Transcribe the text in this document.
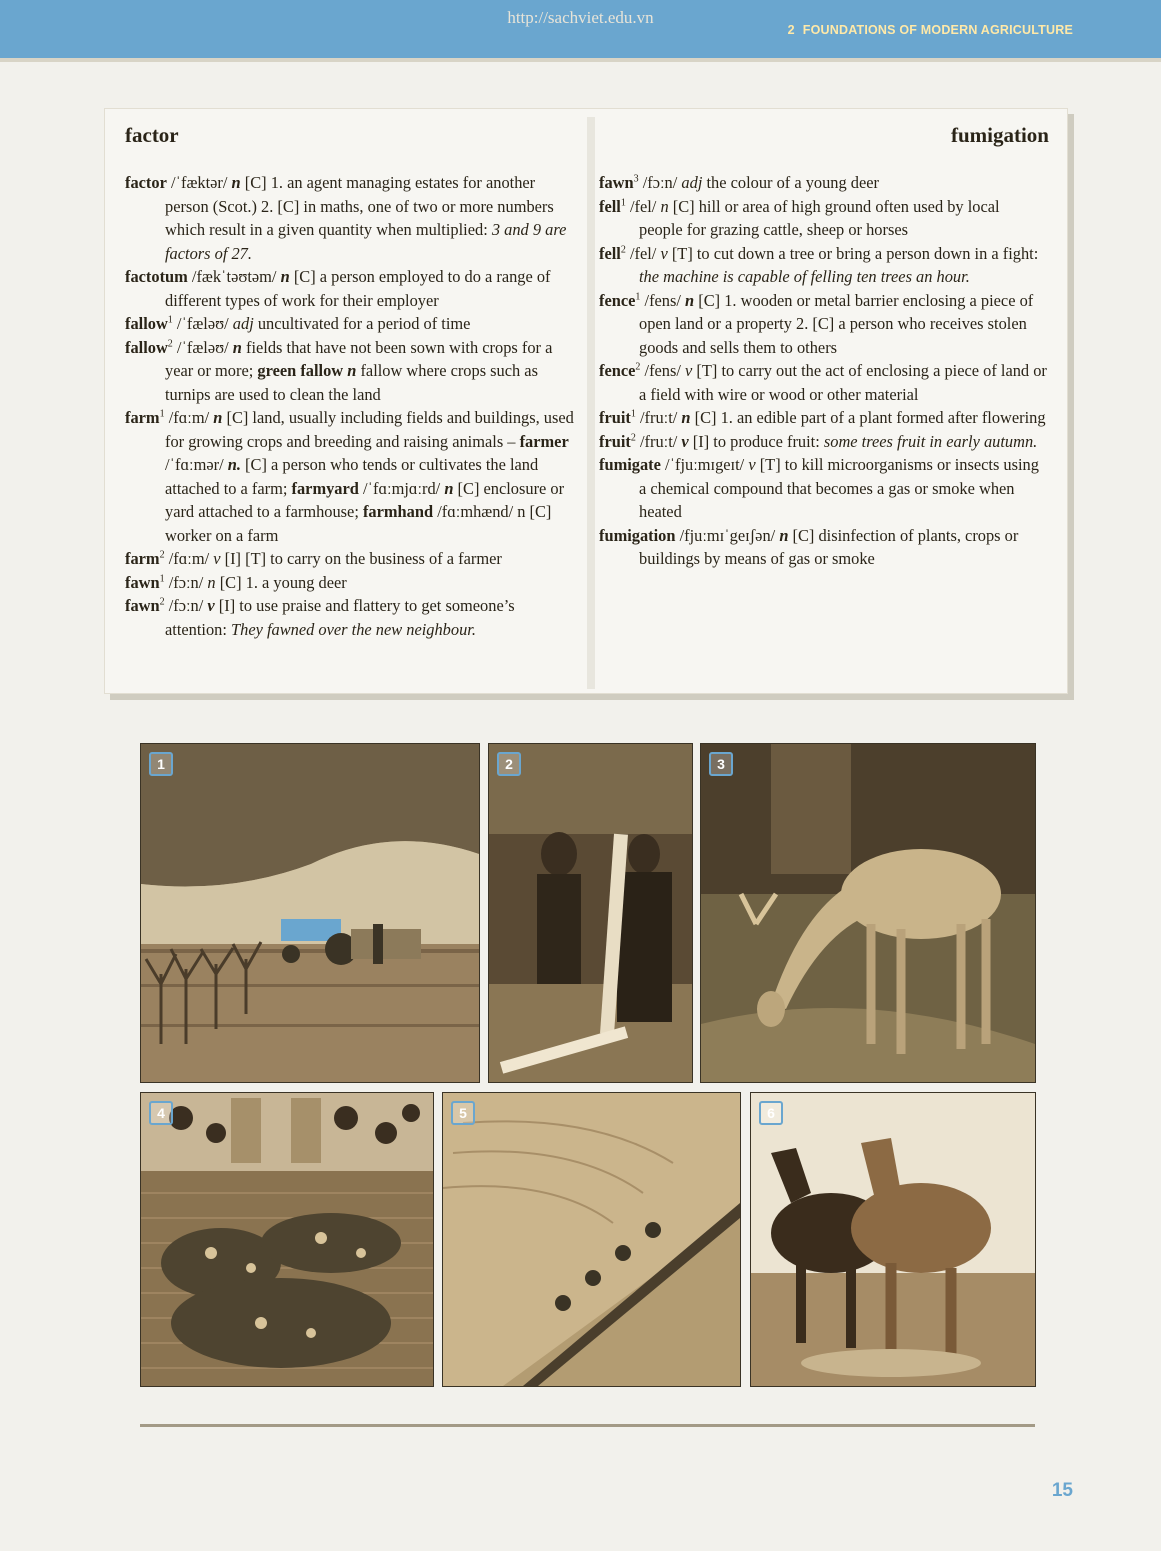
http://sachviet.edu.vn
2 FOUNDATIONS OF MODERN AGRICULTURE
factor	fumigation

factor /ˈfæktər/ n [C] 1. an agent managing estates for another person (Scot.) 2. [C] in maths, one of two or more numbers which result in a given quantity when multiplied: 3 and 9 are factors of 27.

factotum /fækˈtəʊtəm/ n [C] a person employed to do a range of different types of work for their employer

fallow$^1$ /ˈfæləʊ/ adj uncultivated for a period of time

fallow$^2$ /ˈfæləʊ/ n fields that have not been sown with crops for a year or more; green fallow n fallow where crops such as turnips are used to clean the land

farm$^1$ /fɑːm/ n [C] land, usually including fields and buildings, used for growing crops and breeding and raising animals – farmer /ˈfɑːmər/ n. [C] a person who tends or cultivates the land attached to a farm; farmyard /ˈfɑːmjɑːrd/ n [C] enclosure or yard attached to a farmhouse; farmhand /fɑːmhænd/ n [C] worker on a farm

farm$^2$ /fɑːm/ v [I] [T] to carry on the business of a farmer

fawn$^1$ /fɔːn/ n [C] 1. a young deer

fawn$^2$ /fɔːn/ v [I] to use praise and flattery to get someone’s attention: They fawned over the new neighbour.

fawn$^3$ /fɔːn/ adj the colour of a young deer

fell$^1$ /fel/ n [C] hill or area of high ground often used by local people for grazing cattle, sheep or horses

fell$^2$ /fel/ v [T] to cut down a tree or bring a person down in a fight: the machine is capable of felling ten trees an hour.

fence$^1$ /fens/ n [C] 1. wooden or metal barrier enclosing a piece of open land or a property 2. [C] a person who receives stolen goods and sells them to others

fence$^2$ /fens/ v [T] to carry out the act of enclosing a piece of land or a field with wire or wood or other material

fruit$^1$ /fruːt/ n [C] 1. an edible part of a plant formed after flowering

fruit$^2$ /fruːt/ v [I] to produce fruit: some trees fruit in early autumn.

fumigate /ˈfjuːmɪgeɪt/ v [T] to kill microorganisms or insects using a chemical compound that becomes a gas or smoke when heated

fumigation /fjuːmɪˈgeɪʃən/ n [C] disinfection of plants, crops or buildings by means of gas or smoke

1	2	3
4	5	6
15
